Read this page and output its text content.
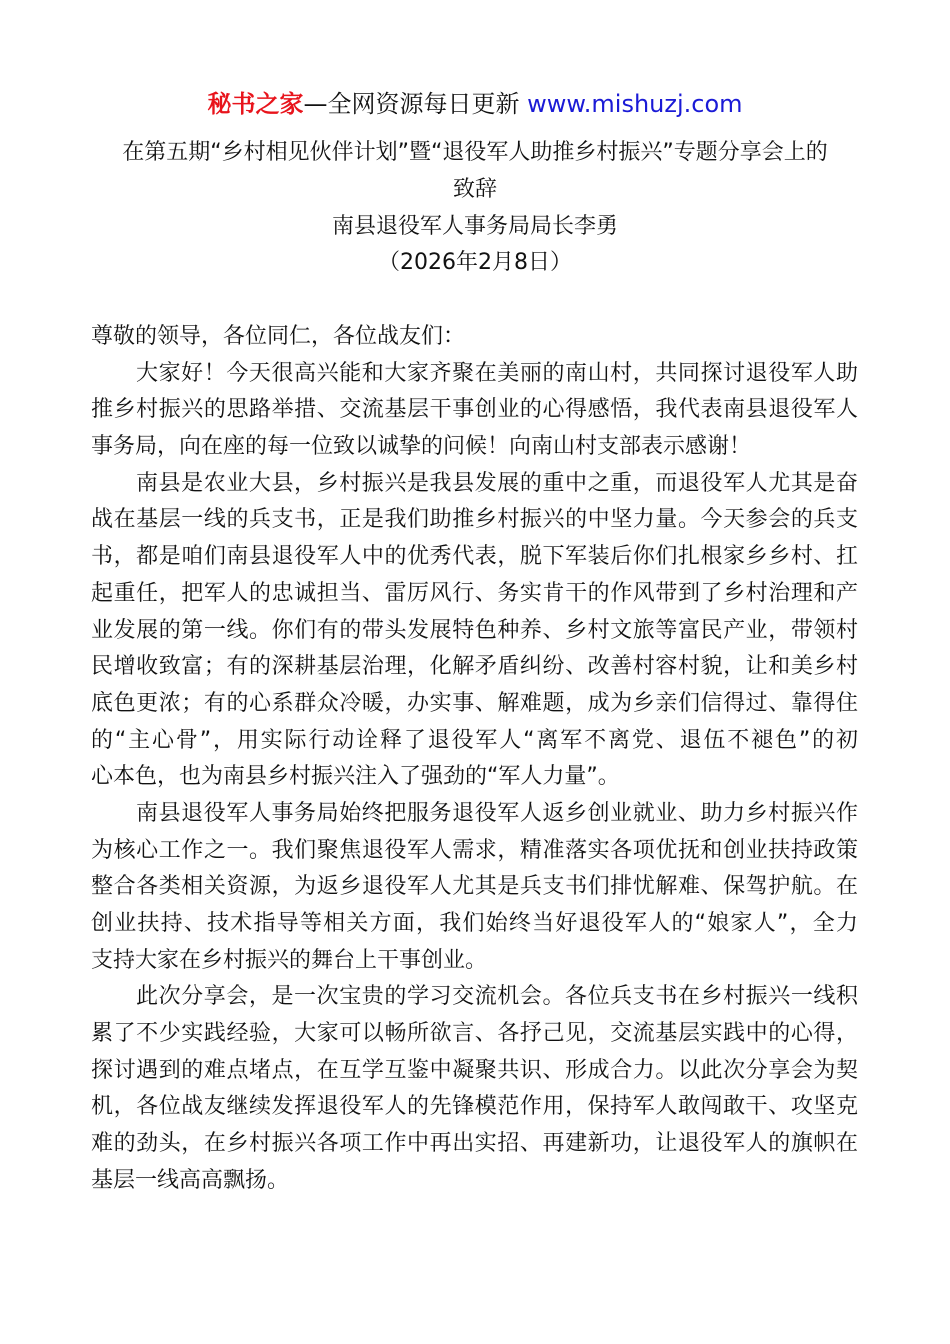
秘书之家—全网资源每日更新 www.mishuzj.com
在第五期“乡村相见伙伴计划”暨“退役军人助推乡村振兴”专题分享会上的
致辞
南县退役军人事务局局长李勇
（2026年2月8日）
尊敬的领导，各位同仁，各位战友们：
大家好！今天很高兴能和大家齐聚在美丽的南山村，共同探讨退役军人助
推乡村振兴的思路举措、交流基层干事创业的心得感悟，我代表南县退役军人
事务局，向在座的每一位致以诚挚的问候！向南山村支部表示感谢！
南县是农业大县，乡村振兴是我县发展的重中之重，而退役军人尤其是奋
战在基层一线的兵支书，正是我们助推乡村振兴的中坚力量。今天参会的兵支
书，都是咱们南县退役军人中的优秀代表，脱下军装后你们扎根家乡乡村、扛
起重任，把军人的忠诚担当、雷厉风行、务实肯干的作风带到了乡村治理和产
业发展的第一线。你们有的带头发展特色种养、乡村文旅等富民产业，带领村
民增收致富；有的深耕基层治理，化解矛盾纠纷、改善村容村貌，让和美乡村
底色更浓；有的心系群众冷暖，办实事、解难题，成为乡亲们信得过、靠得住
的“主心骨”，用实际行动诠释了退役军人“离军不离党、退伍不褪色”的初
心本色，也为南县乡村振兴注入了强劲的“军人力量”。
南县退役军人事务局始终把服务退役军人返乡创业就业、助力乡村振兴作
为核心工作之一。我们聚焦退役军人需求，精准落实各项优抚和创业扶持政策
整合各类相关资源，为返乡退役军人尤其是兵支书们排忧解难、保驾护航。在
创业扶持、技术指导等相关方面，我们始终当好退役军人的“娘家人”，全力
支持大家在乡村振兴的舞台上干事创业。
此次分享会，是一次宝贵的学习交流机会。各位兵支书在乡村振兴一线积
累了不少实践经验，大家可以畅所欲言、各抒己见，交流基层实践中的心得，
探讨遇到的难点堵点，在互学互鉴中凝聚共识、形成合力。以此次分享会为契
机，各位战友继续发挥退役军人的先锋模范作用，保持军人敢闯敢干、攻坚克
难的劲头，在乡村振兴各项工作中再出实招、再建新功，让退役军人的旗帜在
基层一线高高飘扬。
